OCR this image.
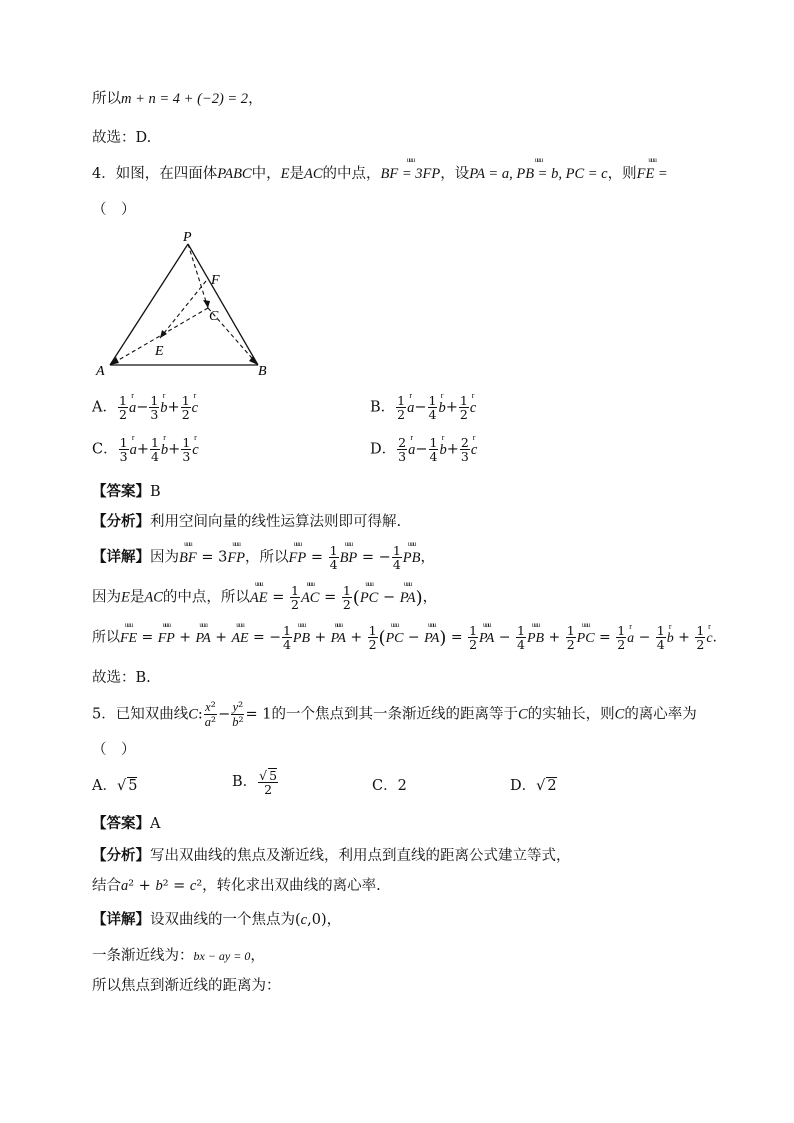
所以m + n = 4 + (−2) = 2，
故选：D.
4．如图，在四面体PABC中，E是AC的中点，uuu BF = 3FP，设uuu PA = a, PB = b, PC = c，则uuu FE =
（　）
P
F
C
E
A	B
A． $\frac{1}{2}$ r $a- \frac{1}{3}$ r $b+ \frac{1}{2}$ r c	B． $\frac{1}{2}$ r $a- \frac{1}{4}$ r $b+ \frac{1}{2}$ r c
C． $\frac{1}{3}$ r $a+ \frac{1}{4}$ r $b+ \frac{1}{3}$ r c	D． $\frac{2}{3}$ r $a- \frac{1}{4}$ r $b+ \frac{2}{3}$ r c
【答案】B
【分析】利用空间向量的线性运算法则即可得解.
【详解】因为uuu BF = 3uuu FP，所以uuu FP = $\frac{1}{4}$ uuu BP = − $\frac{1}{4}$ uuu PB，
因为E是AC的中点，所以uuu AE = $\frac{1}{2}$ uuu AC = $\frac{1}{2} (uuu$ PC − uuu PA)，
所以uuu FE = uuu FP + uuu PA + uuu AE = − $\frac{1}{4}$ uuu PB + uuu PA + $\frac{1}{2} (uuu$ PC − uuu $PA) = \frac{1}{2}$ uuu PA − $\frac{1}{4}$ uuu PB + $\frac{1}{2}$ uuu PC = $\frac{1}{2}$ r $a - \frac{1}{4}$ r $b + \frac{1}{2}$ r c.
故选：B.
5．已知双曲线C: $\frac{\text{x²}}{\text{a²}} - \frac{\text{y²}}{\text{b²}} = 1$的一个焦点到其一条渐近线的距离等于C的实轴长，则C的离心率为
（　）
A．√ 5	B． $\frac{√ 5}{2}$	C．2	D．√ 2
【答案】A
【分析】写出双曲线的焦点及渐近线，利用点到直线的距离公式建立等式，
结合a² + b² = c²，转化求出双曲线的离心率.
【详解】设双曲线的一个焦点为(c,0)，
一条渐近线为：bx − ay = 0，
所以焦点到渐近线的距离为：
